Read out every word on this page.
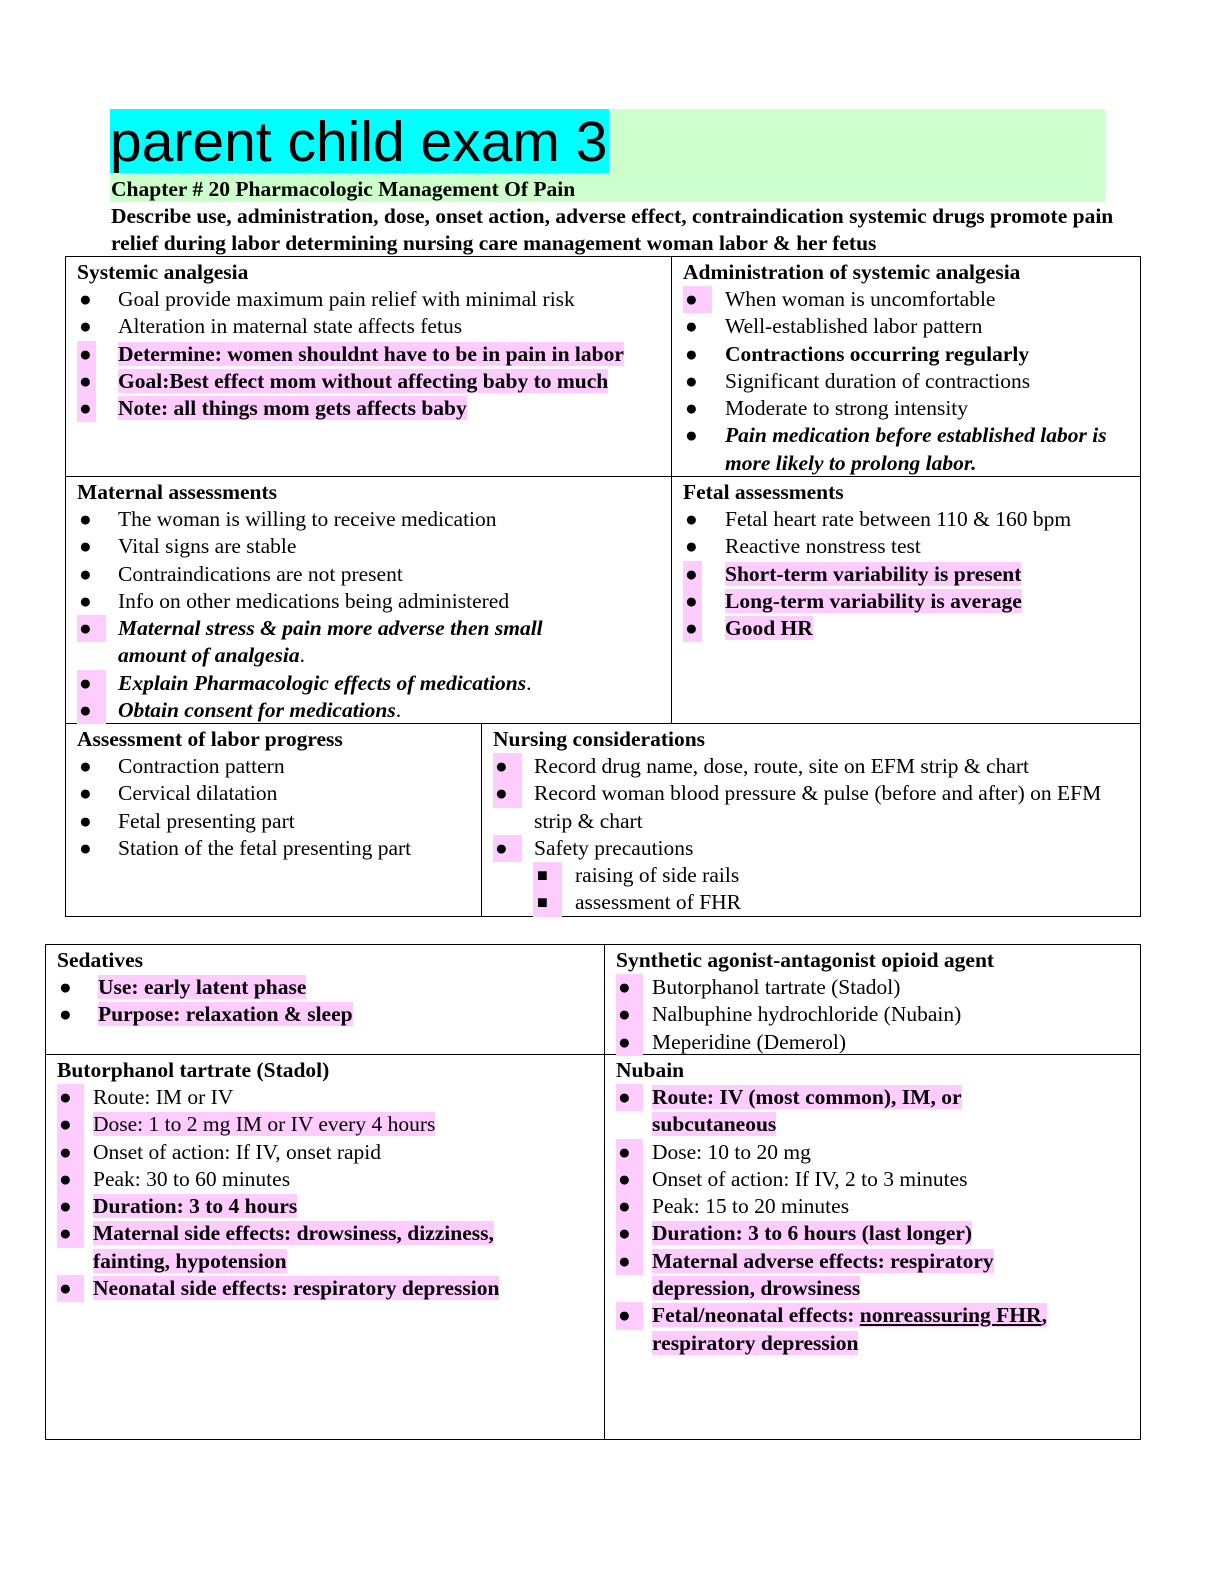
parent child exam 3
Chapter # 20 Pharmacologic Management Of Pain
Describe use, administration, dose, onset action, adverse effect, contraindication systemic drugs promote pain relief during labor determining nursing care management woman labor & her fetus
Systemic analgesia
● Goal provide maximum pain relief with minimal risk
● Alteration in maternal state affects fetus
● Determine: women shouldnt have to be in pain in labor
● Goal:Best effect mom without affecting baby to much
● Note: all things mom gets affects baby
Administration of systemic analgesia
●	When woman is uncomfortable
● Well-established labor pattern
● Contractions occurring regularly
● Significant duration of contractions
● Moderate to strong intensity
● Pain medication before established labor is more likely to prolong labor.
Maternal assessments
● The woman is willing to receive medication
● Vital signs are stable
● Contraindications are not present
● Info on other medications being administered
●	Maternal stress & pain more adverse then small amount of analgesia.
●	Explain Pharmacologic effects of medications.
●	Obtain consent for medications.
Fetal assessments
● Fetal heart rate between 110 & 160 bpm
● Reactive nonstress test
● Short-term variability is present
● Long-term variability is average
● Good HR
Assessment of labor progress
● Contraction pattern
● Cervical dilatation
● Fetal presenting part
● Station of the fetal presenting part
Nursing considerations
●	Record drug name, dose, route, site on EFM strip & chart
●	Record woman blood pressure & pulse (before and after) on EFM strip & chart
●	Safety precautions
■	raising of side rails
■	assessment of FHR
Sedatives
● Use: early latent phase
● Purpose: relaxation & sleep
Synthetic agonist-antagonist opioid agent
● Butorphanol tartrate (Stadol)
● Nalbuphine hydrochloride (Nubain)
● Meperidine (Demerol)
Butorphanol tartrate (Stadol)
● Route: IM or IV
● Dose: 1 to 2 mg IM or IV every 4 hours
● Onset of action: If IV, onset rapid
● Peak: 30 to 60 minutes
● Duration: 3 to 4 hours
● Maternal side effects: drowsiness, dizziness, fainting, hypotension
● Neonatal side effects: respiratory depression
Nubain
● Route: IV (most common), IM, or subcutaneous
● Dose: 10 to 20 mg
● Onset of action: If IV, 2 to 3 minutes
● Peak: 15 to 20 minutes
● Duration: 3 to 6 hours (last longer)
● Maternal adverse effects: respiratory depression, drowsiness
● Fetal/neonatal effects: nonreassuring FHR, respiratory depression
